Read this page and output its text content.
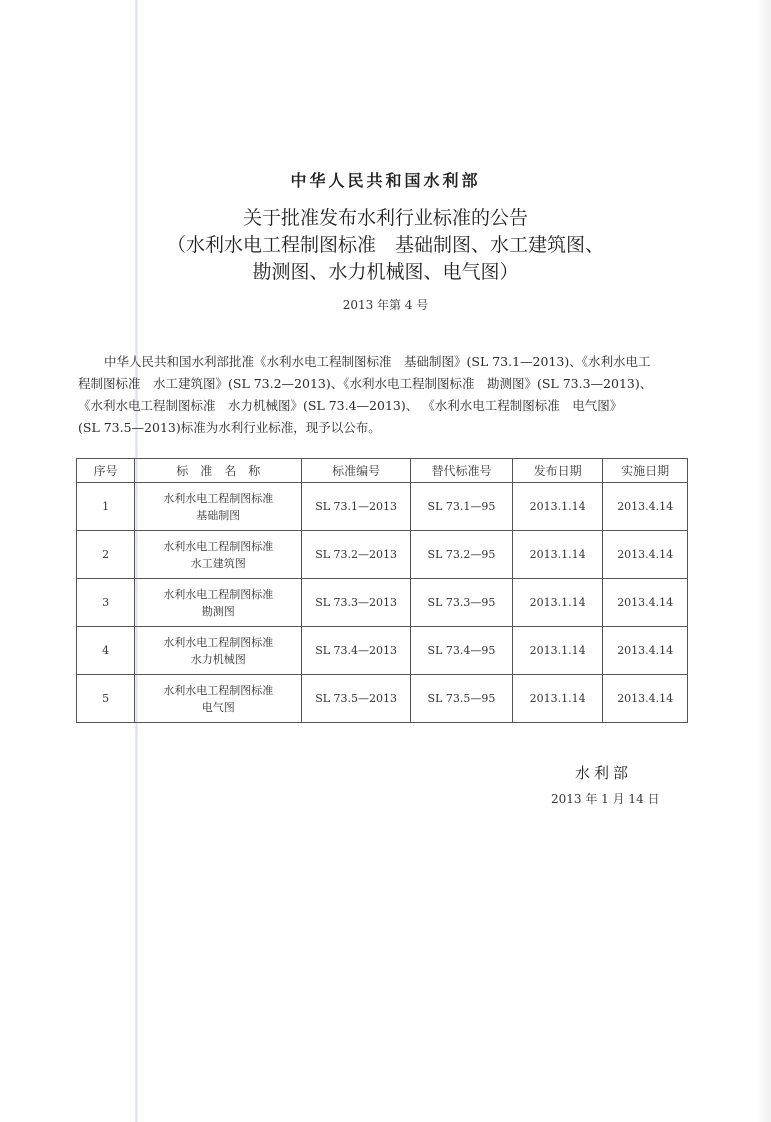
中华人民共和国水利部
关于批准发布水利行业标准的公告
（水利水电工程制图标准　基础制图、水工建筑图、
勘测图、水力机械图、电气图）
2013 年第 4 号
中华人民共和国水利部批准《水利水电工程制图标准　基础制图》(SL 73.1—2013)、《水利水电工
程制图标准　水工建筑图》(SL 73.2—2013)、《水利水电工程制图标准　勘测图》(SL 73.3—2013)、
《水利水电工程制图标准　水力机械图》(SL 73.4—2013)、 《水利水电工程制图标准　电气图》
(SL 73.5—2013)标准为水利行业标准，现予以公布。
序号	标　准　名　称	标准编号	替代标准号	发布日期	实施日期
1	水利水电工程制图标准
基础制图	SL 73.1—2013	SL 73.1—95	2013.1.14	2013.4.14
2	水利水电工程制图标准
水工建筑图	SL 73.2—2013	SL 73.2—95	2013.1.14	2013.4.14
3	水利水电工程制图标准
勘测图	SL 73.3—2013	SL 73.3—95	2013.1.14	2013.4.14
4	水利水电工程制图标准
水力机械图	SL 73.4—2013	SL 73.4—95	2013.1.14	2013.4.14
5	水利水电工程制图标准
电气图	SL 73.5—2013	SL 73.5—95	2013.1.14	2013.4.14
水利部
2013 年 1 月 14 日
